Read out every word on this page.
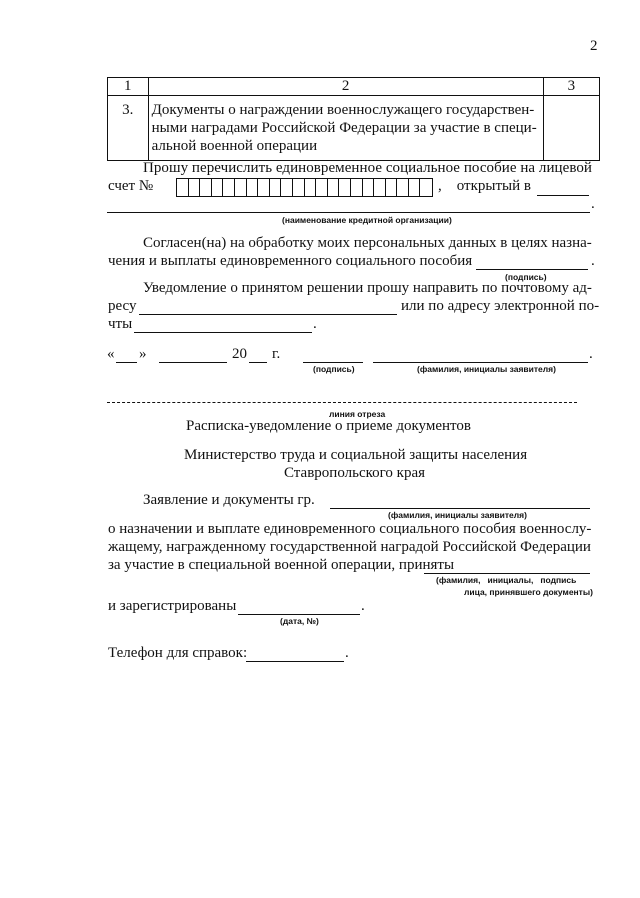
2
1	2	3
3.	Документы о награждении военнослужащего государствен-
ными наградами Российской Федерации за участие в специ-
альной военной операции	

Прошу перечислить единовременное социальное пособие на лицевой
счет №	,    открытый в
.
(наименование кредитной организации)
Согласен(на) на обработку моих персональных данных в целях назна-
чения и выплаты единовременного социального пособия	.
(подпись)
Уведомление о принятом решении прошу направить по почтовому ад-
ресу	или по адресу электронной по-
чты	.
« »	20 г.	.
(подпись)	(фамилия, инициалы заявителя)
линия отреза
Расписка-уведомление о приеме документов
Министерство труда и социальной защиты населения
Ставропольского края
Заявление и документы гр.
(фамилия, инициалы заявителя)
о назначении и выплате единовременного социального пособия военнослу-
жащему, награжденному государственной наградой Российской Федерации
за участие в специальной военной операции, приняты
(фамилия,   инициалы,   подпись
лица, принявшего документы)
и зарегистрированы	.
(дата, №)
Телефон для справок:	.
